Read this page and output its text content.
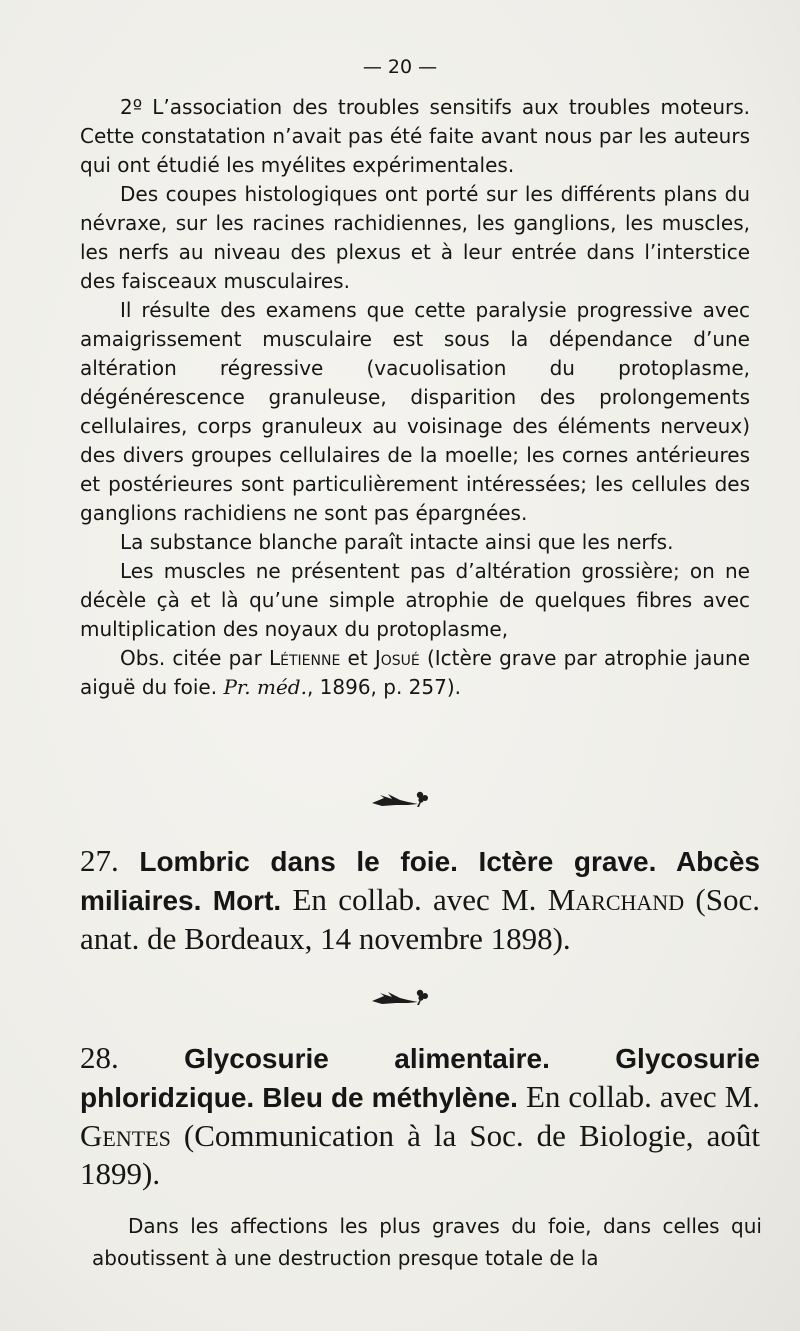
— 20 —

2º L’association des troubles sensitifs aux troubles moteurs. Cette constatation n’avait pas été faite avant nous par les auteurs qui ont étudié les myélites expérimentales.

Des coupes histologiques ont porté sur les différents plans du névraxe, sur les racines rachidiennes, les ganglions, les muscles, les nerfs au niveau des plexus et à leur entrée dans l’interstice des faisceaux musculaires.

Il résulte des examens que cette paralysie progressive avec amaigrissement musculaire est sous la dépendance d’une altération régressive (vacuolisation du protoplasme, dégénérescence granuleuse, disparition des prolongements cellulaires, corps granuleux au voisinage des éléments nerveux) des divers groupes cellulaires de la moelle; les cornes antérieures et postérieures sont particulièrement intéressées; les cellules des ganglions rachidiens ne sont pas épargnées.

La substance blanche paraît intacte ainsi que les nerfs.

Les muscles ne présentent pas d’altération grossière; on ne décèle çà et là qu’une simple atrophie de quelques fibres avec multiplication des noyaux du protoplasme,

Obs. citée par Létienne et Josué (Ictère grave par atrophie jaune aiguë du foie. Pr. méd., 1896, p. 257).

27. Lombric dans le foie. Ictère grave. Abcès miliaires. Mort. En collab. avec M. Marchand (Soc. anat. de Bordeaux, 14 novembre 1898).
28. Glycosurie alimentaire. Glycosurie phloridzique. Bleu de méthylène. En collab. avec M. Gentes (Communication à la Soc. de Biologie, août 1899).
Dans les affections les plus graves du foie, dans celles qui aboutissent à une destruction presque totale de la
